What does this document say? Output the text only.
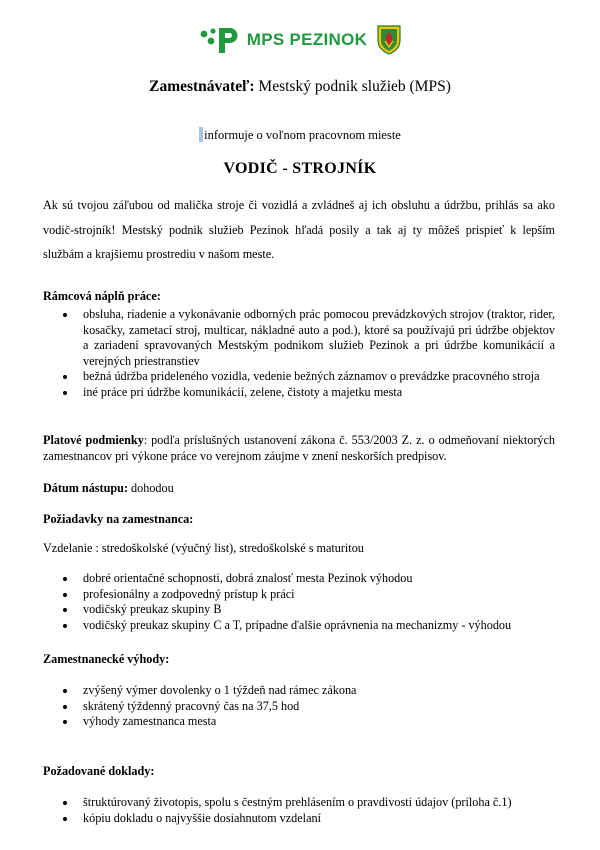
MPS PEZINOK
Zamestnávateľ: Mestský podnik služieb (MPS)
informuje o voľnom pracovnom mieste
VODIČ - STROJNÍK
Ak sú tvojou záľubou od malička stroje či vozidlá a zvládneš aj ich obsluhu a údržbu, prihlás sa ako vodič-strojník! Mestský podnik služieb Pezinok hľadá posily a tak aj ty môžeš prispieť k lepším službám a krajšiemu prostrediu v našom meste.
Rámcová náplň práce:
obsluha, riadenie a vykonávanie odborných prác pomocou prevádzkových strojov (traktor, rider, kosačky, zametací stroj, multicar, nákladné auto a pod.), ktoré sa používajú pri údržbe objektov a zariadení spravovaných Mestským podnikom služieb Pezinok a pri údržbe komunikácií a verejných priestranstiev
bežná údržba prideleného vozidla, vedenie bežných záznamov o prevádzke pracovného stroja
iné práce pri údržbe komunikácií, zelene, čistoty a majetku mesta
Platové podmienky: podľa príslušných ustanovení zákona č. 553/2003 Z. z. o odmeňovaní niektorých zamestnancov pri výkone práce vo verejnom záujme v znení neskorších predpisov.
Dátum nástupu: dohodou
Požiadavky na zamestnanca:
Vzdelanie : stredoškolské (výučný list), stredoškolské s maturitou
dobré orientačné schopnosti, dobrá znalosť mesta Pezinok výhodou
profesionálny a zodpovedný prístup k práci
vodičský preukaz skupiny B
vodičský preukaz skupiny C a T, prípadne ďalšie oprávnenia na mechanizmy - výhodou
Zamestnanecké výhody:
zvýšený výmer dovolenky o 1 týždeň nad rámec zákona
skrátený týždenný pracovný čas na 37,5 hod
výhody zamestnanca mesta
Požadované doklady:
štruktúrovaný životopis, spolu s čestným prehlásením o pravdivosti údajov (príloha č.1)
kópiu dokladu o najvyššie dosiahnutom vzdelaní
